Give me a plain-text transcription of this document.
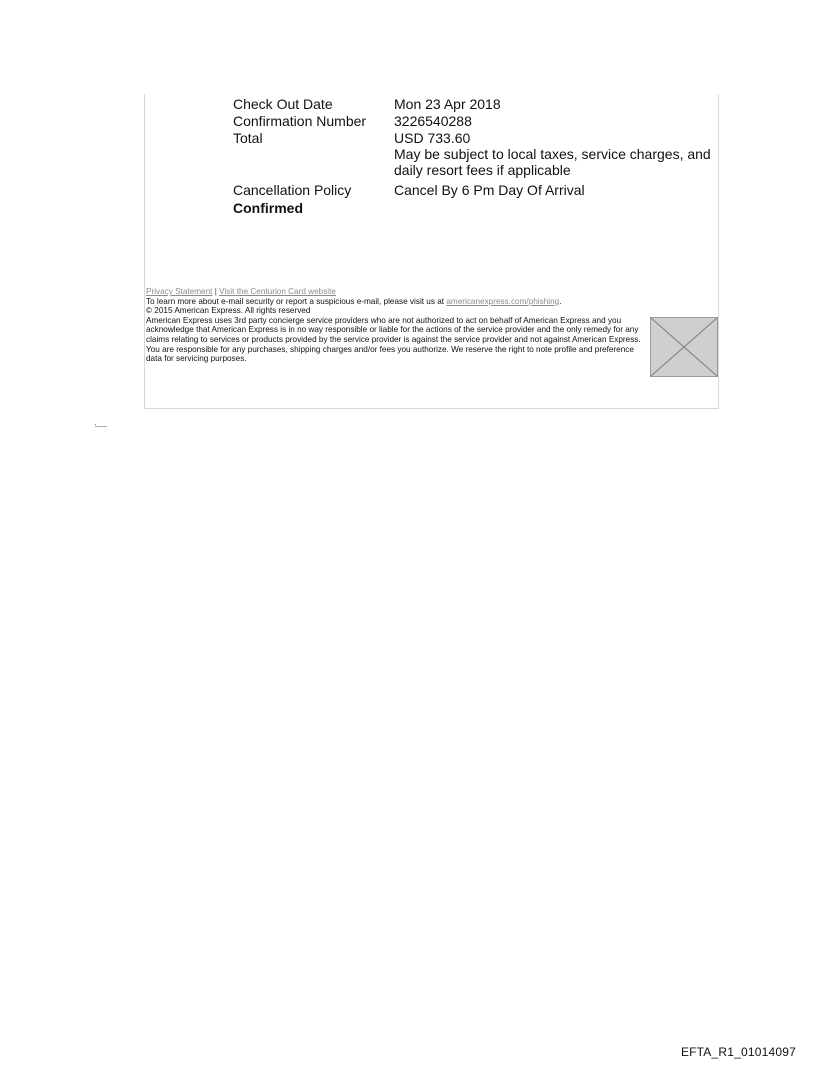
Check Out Date	Mon 23 Apr 2018
Confirmation Number	3226540288
Total	USD 733.60
May be subject to local taxes, service charges, and daily resort fees if applicable
Cancellation Policy	Cancel By 6 Pm Day Of Arrival
Confirmed
Privacy Statement | Visit the Centurion Card website
To learn more about e-mail security or report a suspicious e-mail, please visit us at americanexpress.com/phishing.
© 2015 American Express. All rights reserved
American Express uses 3rd party concierge service providers who are not authorized to act on behalf of American Express and you acknowledge that American Express is in no way responsible or liable for the actions of the service provider and the only remedy for any claims relating to services or products provided by the service provider is against the service provider and not against American Express. You are responsible for any purchases, shipping charges and/or fees you authorize. We reserve the right to note profile and preference data for servicing purposes.
EFTA_R1_01014097
